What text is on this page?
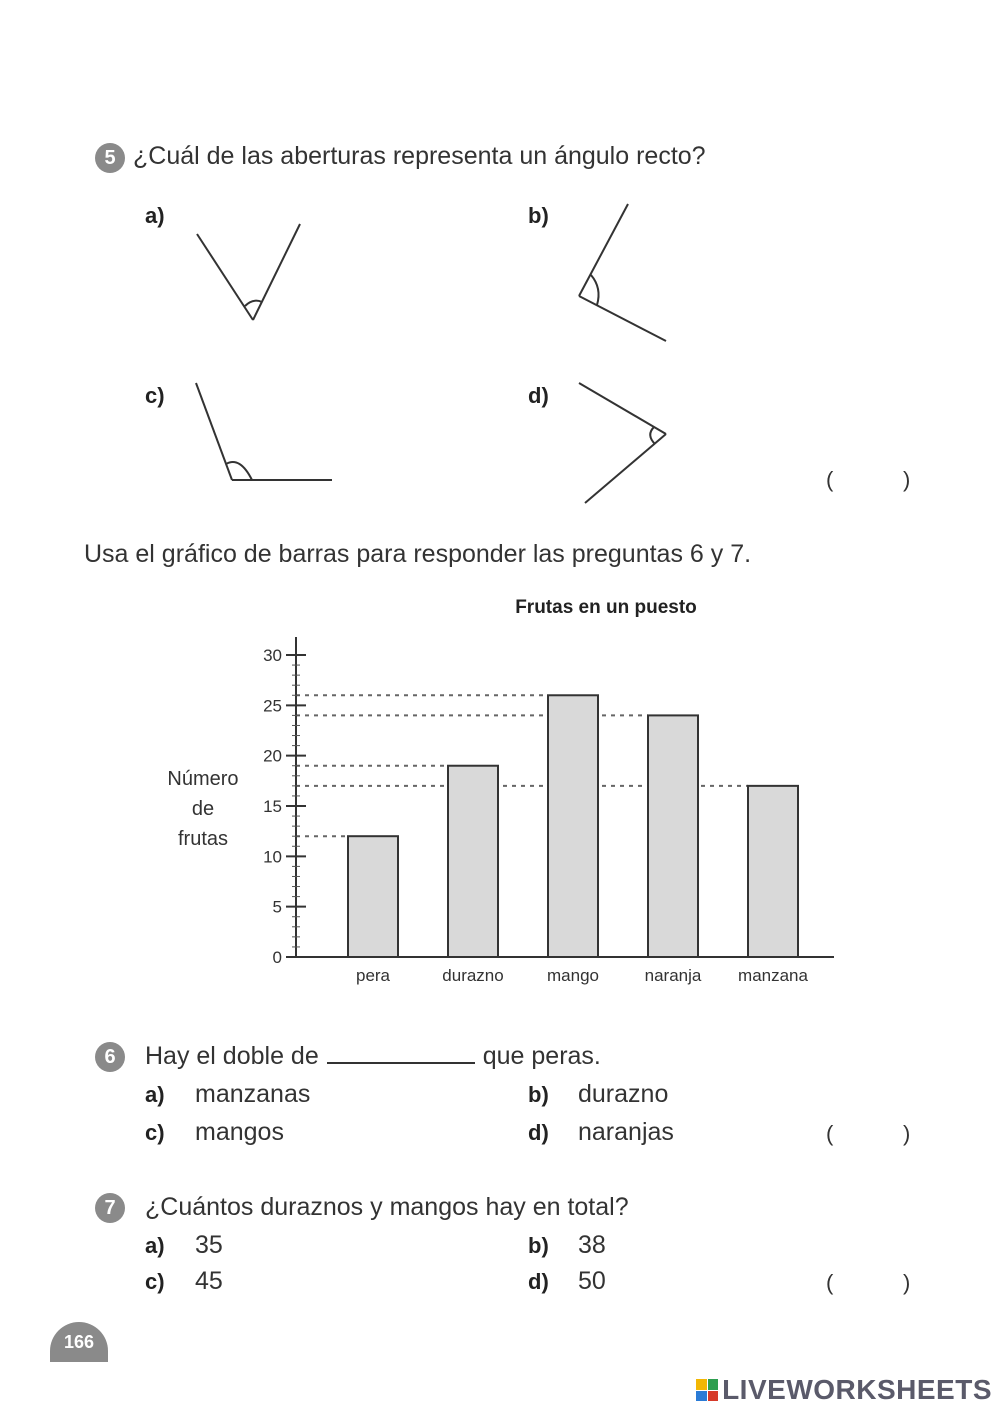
5 ¿Cuál de las aberturas representa un ángulo recto?
a)	b)
c)	d)
(	)
Usa el gráfico de barras para responder las preguntas 6 y 7.
Frutas en un puesto
Número
de
frutas
0
5
10
15
20
25
30
pera	durazno	mango	naranja manzana
6	Hay el doble de	que peras.
a) manzanas	b) durazno
c) mangos	d) naranjas	(	)
7	¿Cuántos duraznos y mangos hay en total?
a) 35	b) 38
c) 45	d) 50	(	)
166
LIVEWORKSHEETS
